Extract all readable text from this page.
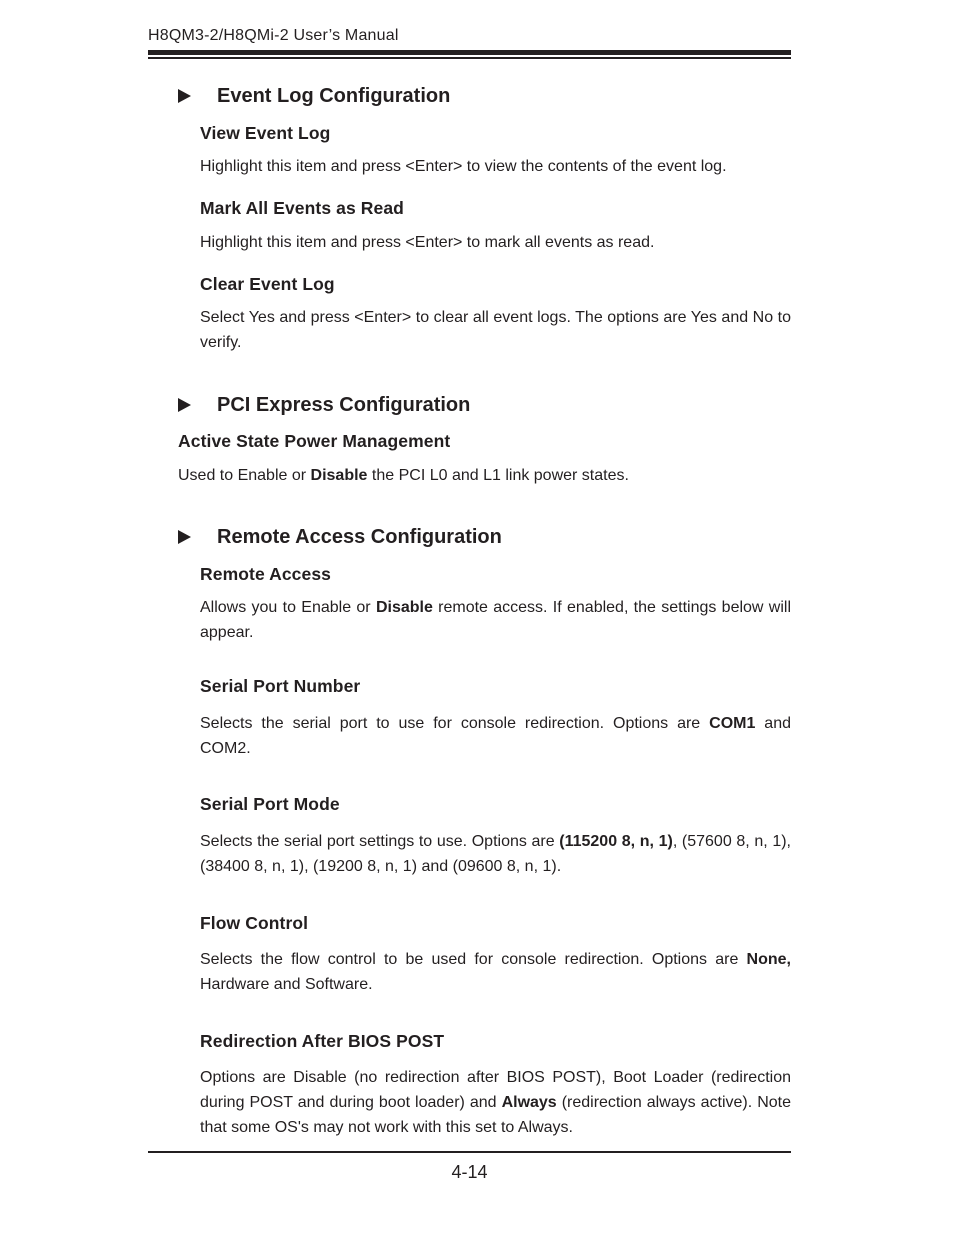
H8QM3-2/H8QMi-2 User’s Manual
Event Log Configuration
View Event Log
Highlight this item and press <Enter> to view the contents of the event log.
Mark All Events as Read
Highlight this item and press <Enter> to mark all events as read.
Clear Event Log
Select Yes and press <Enter> to clear all event logs. The options are Yes and No to verify.
PCI Express Configuration
Active State Power Management
Used to Enable or Disable the PCI L0 and L1 link power states.
Remote Access Configuration
Remote Access
Allows you to Enable or Disable remote access. If enabled, the settings below will appear.
Serial Port Number
Selects the serial port to use for console redirection. Options are COM1 and COM2.
Serial Port Mode
Selects the serial port settings to use. Options are (115200 8, n, 1), (57600 8, n, 1), (38400 8, n, 1), (19200 8, n, 1) and (09600 8, n, 1).
Flow Control
Selects the flow control to be used for console redirection. Options are None, Hardware and Software.
Redirection After BIOS POST
Options are Disable (no redirection after BIOS POST), Boot Loader (redirection during POST and during boot loader) and Always (redirection always active). Note that some OS's may not work with this set to Always.
4-14
